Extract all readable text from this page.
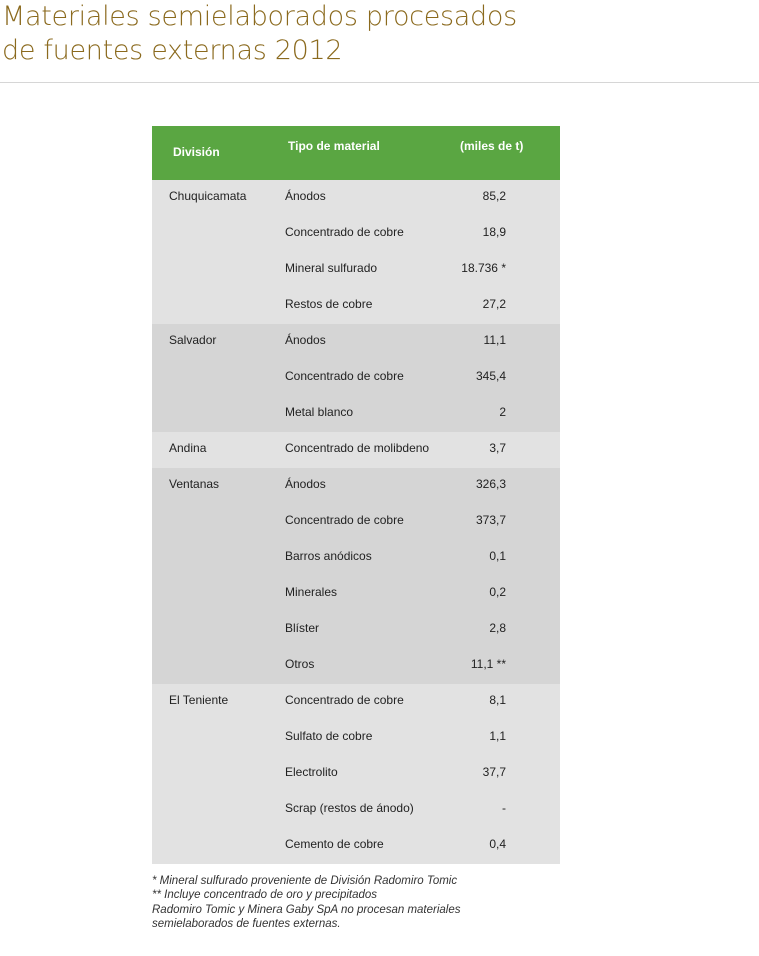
Materiales semielaborados procesados
de fuentes externas 2012
División	Tipo de material	(miles de t)
Chuquicamata	Ánodos	85,2
Concentrado de cobre	18,9
Mineral sulfurado	18.736 *
Restos de cobre	27,2
Salvador	Ánodos	11,1
Concentrado de cobre	345,4
Metal blanco	2
Andina	Concentrado de molibdeno	3,7
Ventanas	Ánodos	326,3
Concentrado de cobre	373,7
Barros anódicos	0,1
Minerales	0,2
Blíster	2,8
Otros	11,1 **
El Teniente	Concentrado de cobre	8,1
Sulfato de cobre	1,1
Electrolito	37,7
Scrap (restos de ánodo)	-
Cemento de cobre	0,4
* Mineral sulfurado proveniente de División Radomiro Tomic
** Incluye concentrado de oro y precipitados
Radomiro Tomic y Minera Gaby SpA no procesan materiales
semielaborados de fuentes externas.
